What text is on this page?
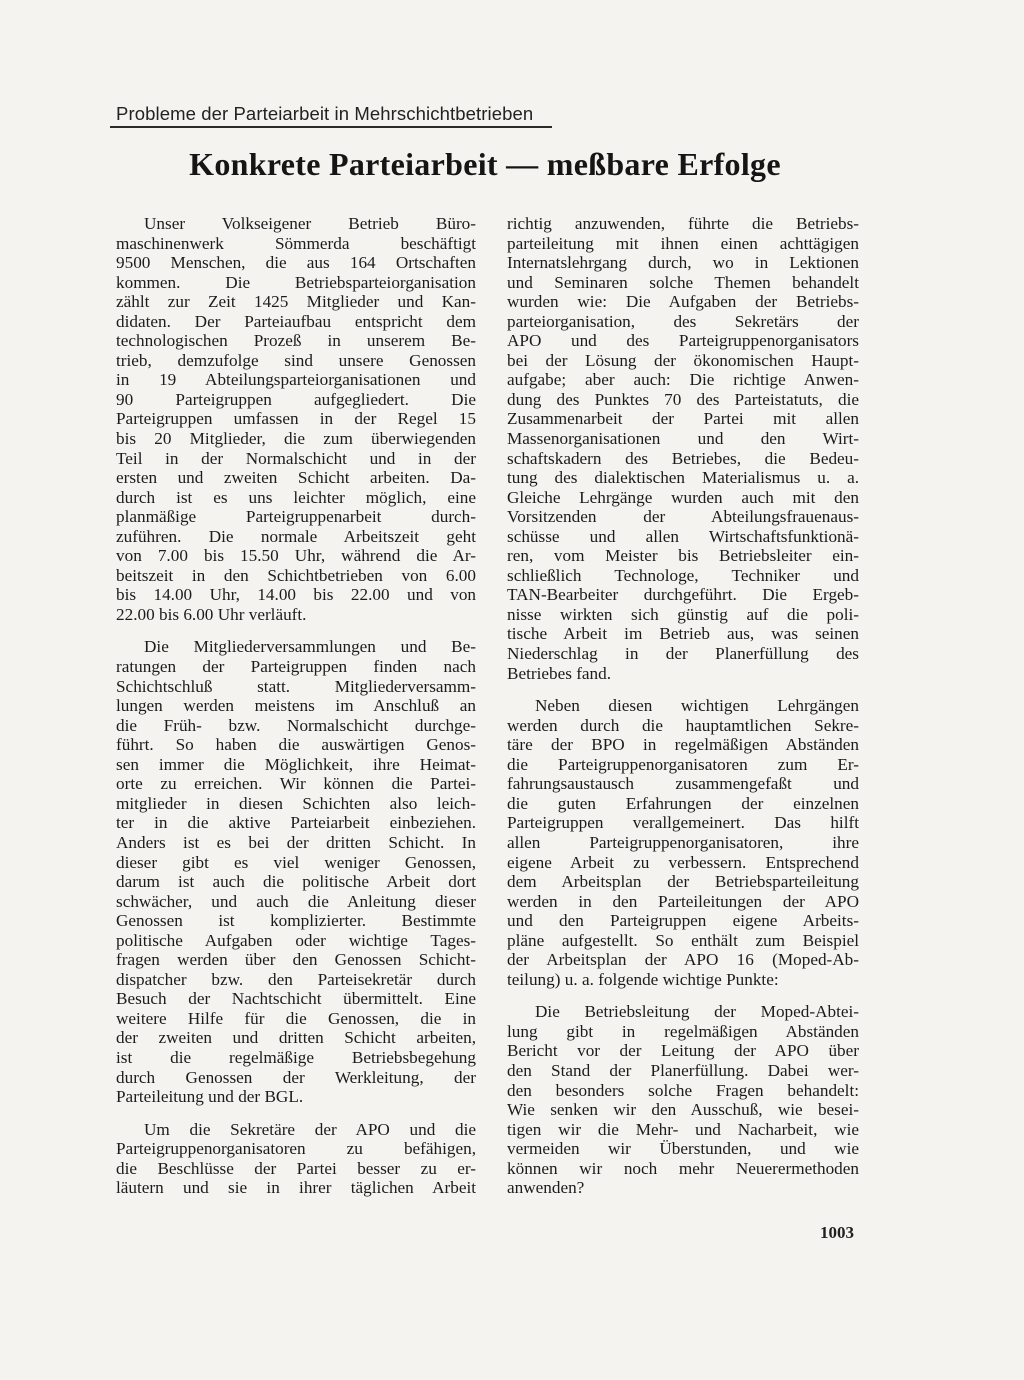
Probleme der Parteiarbeit in Mehrschichtbetrieben
Konkrete Parteiarbeit — meßbare Erfolge

Unser Volkseigener Betrieb Büro-

maschinenwerk Sömmerda beschäftigt

9500 Menschen, die aus 164 Ortschaften

kommen. Die Betriebsparteiorganisation

zählt zur Zeit 1425 Mitglieder und Kan-

didaten. Der Parteiaufbau entspricht dem

technologischen Prozeß in unserem Be-

trieb, demzufolge sind unsere Genossen

in 19 Abteilungsparteiorganisationen und

90 Parteigruppen aufgegliedert. Die

Parteigruppen umfassen in der Regel 15

bis 20 Mitglieder, die zum überwiegenden

Teil in der Normalschicht und in der

ersten und zweiten Schicht arbeiten. Da-

durch ist es uns leichter möglich, eine

planmäßige Parteigruppenarbeit durch-

zuführen. Die normale Arbeitszeit geht

von 7.00 bis 15.50 Uhr, während die Ar-

beitszeit in den Schichtbetrieben von 6.00

bis 14.00 Uhr, 14.00 bis 22.00 und von

22.00 bis 6.00 Uhr verläuft.

Die Mitgliederversammlungen und Be-

ratungen der Parteigruppen finden nach

Schichtschluß statt. Mitgliederversamm-

lungen werden meistens im Anschluß an

die Früh- bzw. Normalschicht durchge-

führt. So haben die auswärtigen Genos-

sen immer die Möglichkeit, ihre Heimat-

orte zu erreichen. Wir können die Partei-

mitglieder in diesen Schichten also leich-

ter in die aktive Parteiarbeit einbeziehen.

Anders ist es bei der dritten Schicht. In

dieser gibt es viel weniger Genossen,

darum ist auch die politische Arbeit dort

schwächer, und auch die Anleitung dieser

Genossen ist komplizierter. Bestimmte

politische Aufgaben oder wichtige Tages-

fragen werden über den Genossen Schicht-

dispatcher bzw. den Parteisekretär durch

Besuch der Nachtschicht übermittelt. Eine

weitere Hilfe für die Genossen, die in

der zweiten und dritten Schicht arbeiten,

ist die regelmäßige Betriebsbegehung

durch Genossen der Werkleitung, der

Parteileitung und der BGL.

Um die Sekretäre der APO und die

Parteigruppenorganisatoren zu befähigen,

die Beschlüsse der Partei besser zu er-

läutern und sie in ihrer täglichen Arbeit

richtig anzuwenden, führte die Betriebs-

parteileitung mit ihnen einen achttägigen

Internatslehrgang durch, wo in Lektionen

und Seminaren solche Themen behandelt

wurden wie: Die Aufgaben der Betriebs-

parteiorganisation, des Sekretärs der

APO und des Parteigruppenorganisators

bei der Lösung der ökonomischen Haupt-

aufgabe; aber auch: Die richtige Anwen-

dung des Punktes 70 des Parteistatuts, die

Zusammenarbeit der Partei mit allen

Massenorganisationen und den Wirt-

schaftskadern des Betriebes, die Bedeu-

tung des dialektischen Materialismus u. a.

Gleiche Lehrgänge wurden auch mit den

Vorsitzenden der Abteilungsfrauenaus-

schüsse und allen Wirtschaftsfunktionä-

ren, vom Meister bis Betriebsleiter ein-

schließlich Technologe, Techniker und

TAN-Bearbeiter durchgeführt. Die Ergeb-

nisse wirkten sich günstig auf die poli-

tische Arbeit im Betrieb aus, was seinen

Niederschlag in der Planerfüllung des

Betriebes fand.

Neben diesen wichtigen Lehrgängen

werden durch die hauptamtlichen Sekre-

täre der BPO in regelmäßigen Abständen

die Parteigruppenorganisatoren zum Er-

fahrungsaustausch zusammengefaßt und

die guten Erfahrungen der einzelnen

Parteigruppen verallgemeinert. Das hilft

allen Parteigruppenorganisatoren, ihre

eigene Arbeit zu verbessern. Entsprechend

dem Arbeitsplan der Betriebsparteileitung

werden in den Parteileitungen der APO

und den Parteigruppen eigene Arbeits-

pläne aufgestellt. So enthält zum Beispiel

der Arbeitsplan der APO 16 (Moped-Ab-

teilung) u. a. folgende wichtige Punkte:

Die Betriebsleitung der Moped-Abtei-

lung gibt in regelmäßigen Abständen

Bericht vor der Leitung der APO über

den Stand der Planerfüllung. Dabei wer-

den besonders solche Fragen behandelt:

Wie senken wir den Ausschuß, wie besei-

tigen wir die Mehr- und Nacharbeit, wie

vermeiden wir Überstunden, und wie

können wir noch mehr Neuerermethoden

anwenden?

1003
